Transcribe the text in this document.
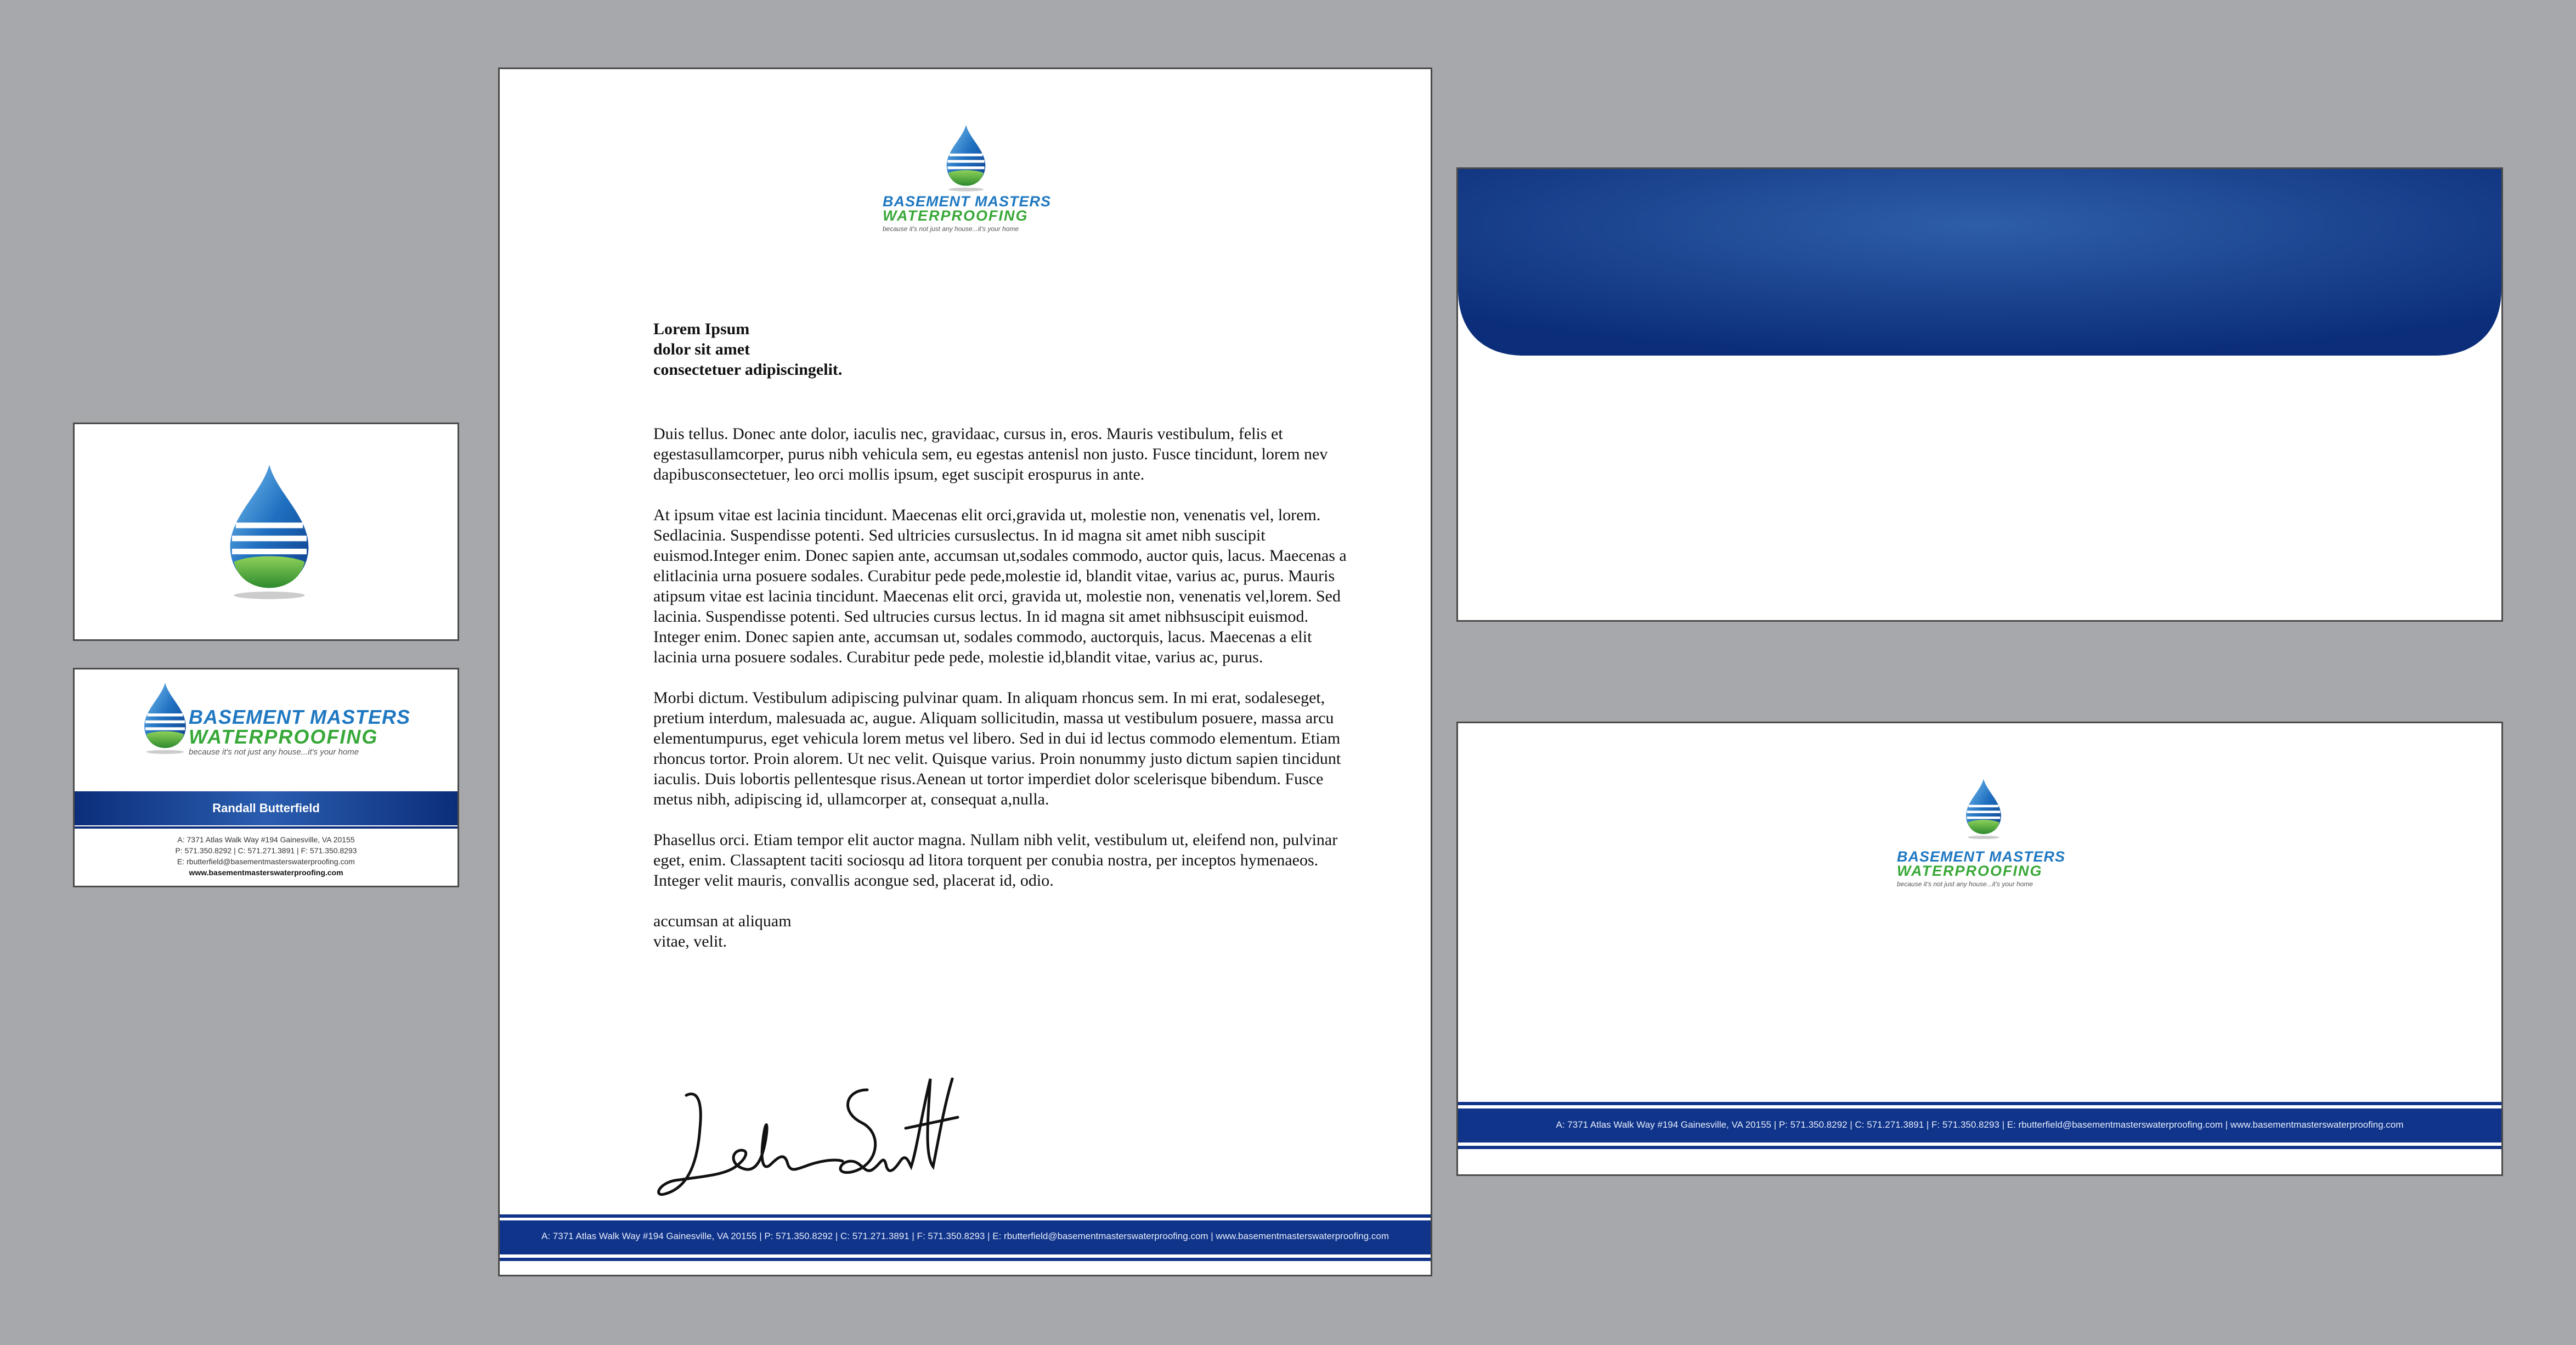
BASEMENT MASTERS
WATERPROOFING
because it's not just any house...it's your home
Randall Butterfield
A: 7371 Atlas Walk Way #194 Gainesville, VA 20155
P: 571.350.8292 | C: 571.271.3891 | F: 571.350.8293
E: rbutterfield@basementmasterswaterproofing.com
www.basementmasterswaterproofing.com
BASEMENT MASTERS
WATERPROOFING
because it's not just any house...it's your home
Lorem Ipsum
dolor sit amet
consectetuer adipiscingelit.

Duis tellus. Donec ante dolor, iaculis nec, gravidaac, cursus in, eros. Mauris vestibulum, felis et egestasullamcorper, purus nibh vehicula sem, eu egestas antenisl non justo. Fusce tincidunt, lorem nev dapibusconsectetuer, leo orci mollis ipsum, eget suscipit erospurus in ante.

At ipsum vitae est lacinia tincidunt. Maecenas elit orci,gravida ut, molestie non, venenatis vel, lorem. Sedlacinia. Suspendisse potenti. Sed ultricies cursuslectus. In id magna sit amet nibh suscipit euismod.Integer enim. Donec sapien ante, accumsan ut,sodales commodo, auctor quis, lacus. Maecenas a elitlacinia urna posuere sodales. Curabitur pede pede,molestie id, blandit vitae, varius ac, purus. Mauris atipsum vitae est lacinia tincidunt. Maecenas elit orci, gravida ut, molestie non, venenatis vel,lorem. Sed lacinia. Suspendisse potenti. Sed ultrucies cursus lectus. In id magna sit amet nibhsuscipit euismod. Integer enim. Donec sapien ante, accumsan ut, sodales commodo, auctorquis, lacus. Maecenas a elit lacinia urna posuere sodales. Curabitur pede pede, molestie id,blandit vitae, varius ac, purus.

Morbi dictum. Vestibulum adipiscing pulvinar quam. In aliquam rhoncus sem. In mi erat, sodaleseget, pretium interdum, malesuada ac, augue. Aliquam sollicitudin, massa ut vestibulum posuere, massa arcu elementumpurus, eget vehicula lorem metus vel libero. Sed in dui id lectus commodo elementum. Etiam rhoncus tortor. Proin alorem. Ut nec velit. Quisque varius. Proin nonummy justo dictum sapien tincidunt iaculis. Duis lobortis pellentesque risus.Aenean ut tortor imperdiet dolor scelerisque bibendum. Fusce metus nibh, adipiscing id, ullamcorper at, consequat a,nulla.

Phasellus orci. Etiam tempor elit auctor magna. Nullam nibh velit, vestibulum ut, eleifend non, pulvinar eget, enim. Classaptent taciti sociosqu ad litora torquent per conubia nostra, per inceptos hymenaeos. Integer velit mauris, convallis acongue sed, placerat id, odio.

accumsan at aliquam
vitae, velit.
A: 7371 Atlas Walk Way #194 Gainesville, VA 20155 | P: 571.350.8292 | C: 571.271.3891 | F: 571.350.8293 | E: rbutterfield@basementmasterswaterproofing.com | www.basementmasterswaterproofing.com
BASEMENT MASTERS
WATERPROOFING
because it's not just any house...it's your home
A: 7371 Atlas Walk Way #194 Gainesville, VA 20155 | P: 571.350.8292 | C: 571.271.3891 | F: 571.350.8293 | E: rbutterfield@basementmasterswaterproofing.com | www.basementmasterswaterproofing.com
